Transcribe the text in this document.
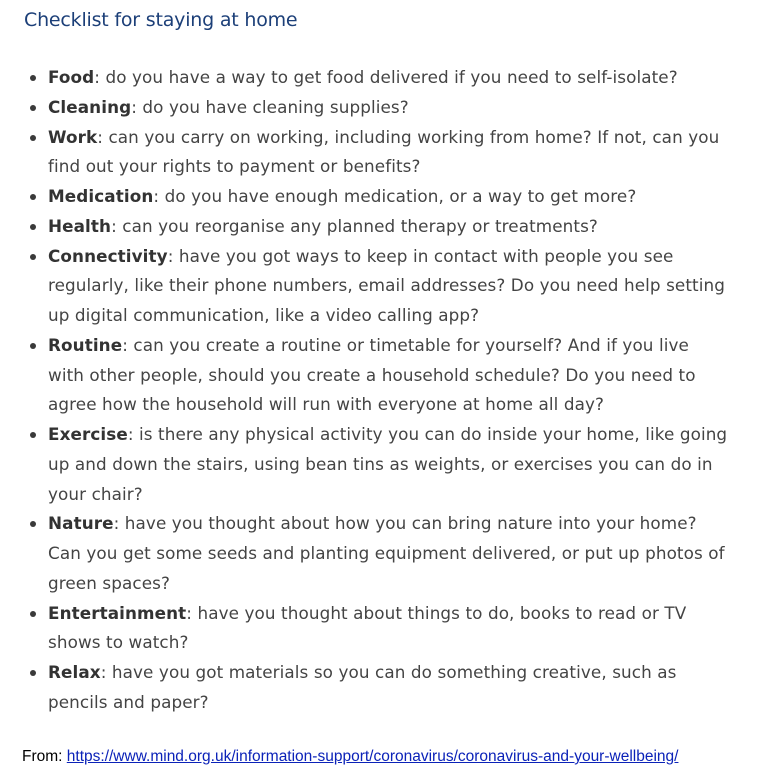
Checklist for staying at home
Food: do you have a way to get food delivered if you need to self-isolate?
Cleaning: do you have cleaning supplies?
Work: can you carry on working, including working from home? If not, can you find out your rights to payment or benefits?
Medication: do you have enough medication, or a way to get more?
Health: can you reorganise any planned therapy or treatments?
Connectivity: have you got ways to keep in contact with people you see regularly, like their phone numbers, email addresses? Do you need help setting up digital communication, like a video calling app?
Routine: can you create a routine or timetable for yourself? And if you live with other people, should you create a household schedule? Do you need to agree how the household will run with everyone at home all day?
Exercise: is there any physical activity you can do inside your home, like going up and down the stairs, using bean tins as weights, or exercises you can do in your chair?
Nature: have you thought about how you can bring nature into your home? Can you get some seeds and planting equipment delivered, or put up photos of green spaces?
Entertainment: have you thought about things to do, books to read or TV shows to watch?
Relax: have you got materials so you can do something creative, such as pencils and paper?
From: https://www.mind.org.uk/information-support/coronavirus/coronavirus-and-your-wellbeing/
